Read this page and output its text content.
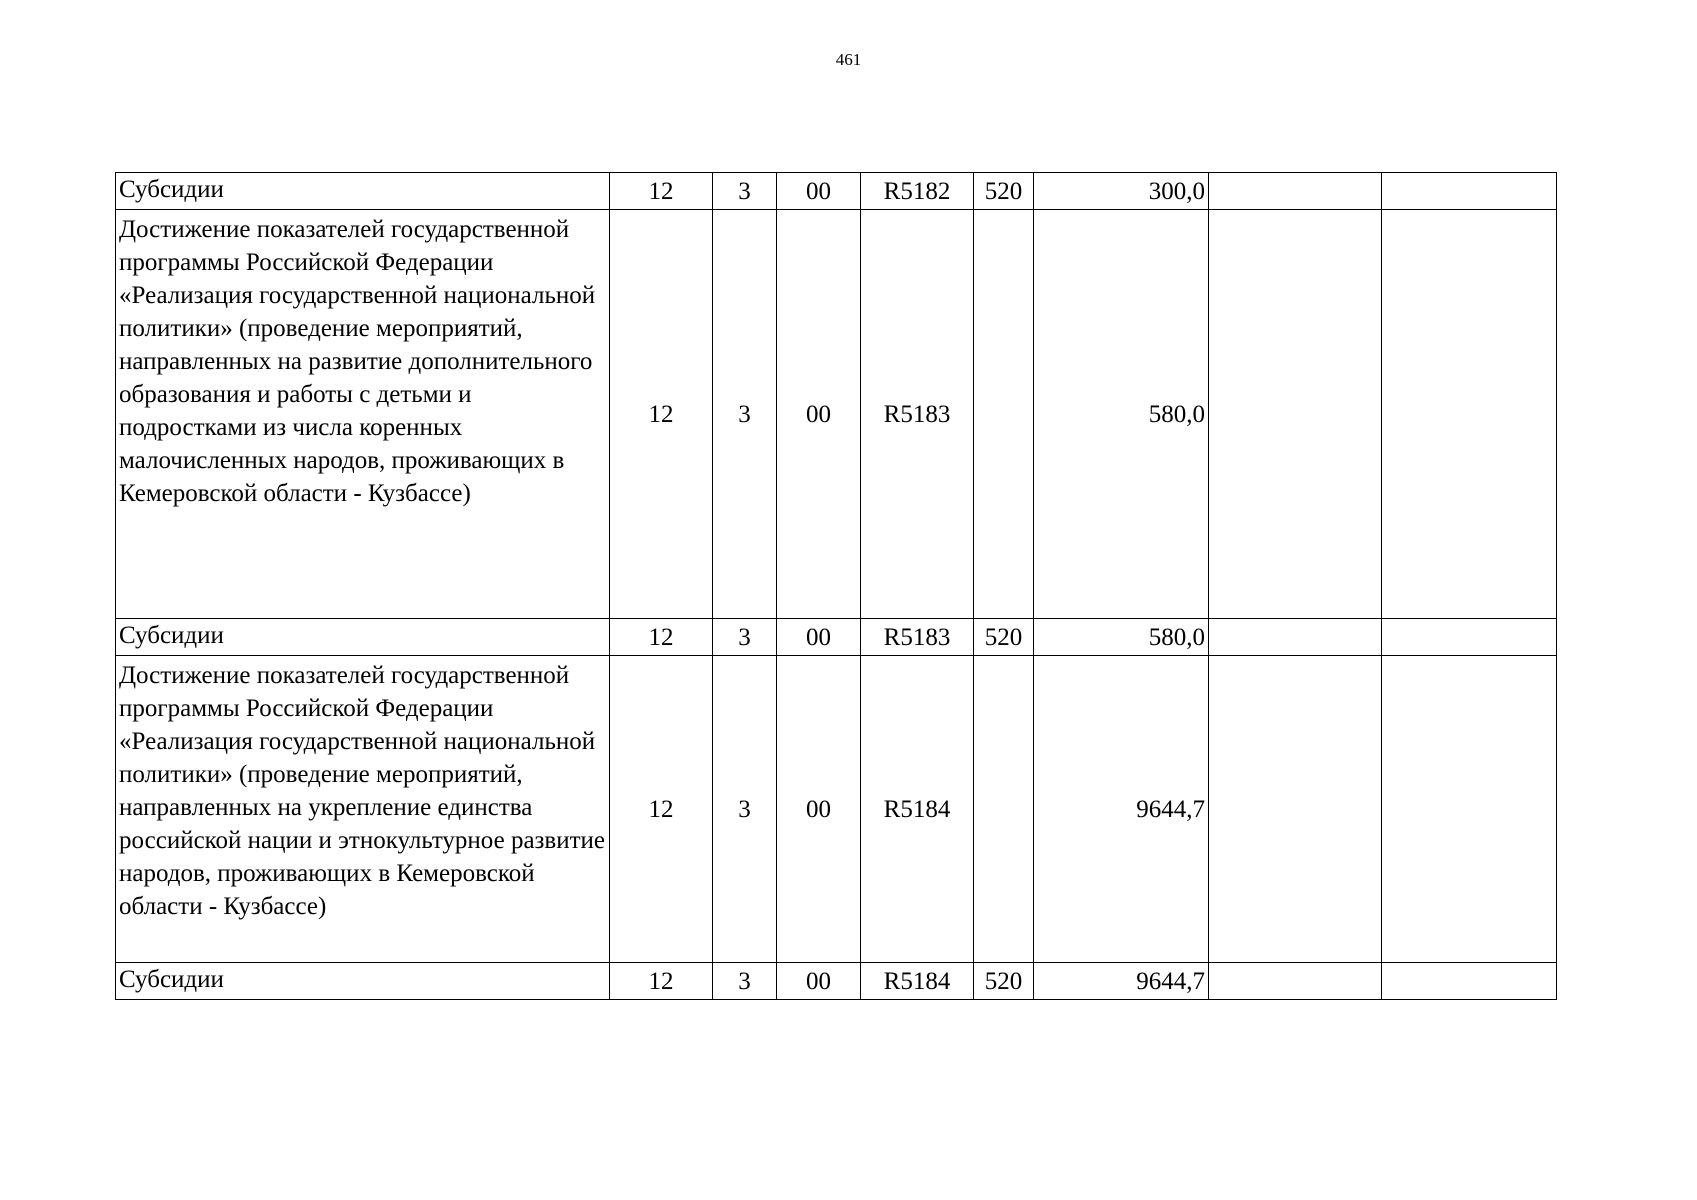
461
Субсидии	12	3	00	R5182	520	300,0		
Достижение показателей государственной программы Российской Федерации «Реализация государственной национальной политики» (проведение мероприятий, направленных на развитие дополнительного образования и работы с детьми и подростками из числа коренных малочисленных народов, проживающих в Кемеровской области - Кузбассе)	12	3	00	R5183		580,0		
Субсидии	12	3	00	R5183	520	580,0		
Достижение показателей государственной программы Российской Федерации «Реализация государственной национальной политики» (проведение мероприятий, направленных на укрепление единства российской нации и этнокультурное развитие народов, проживающих в Кемеровской области - Кузбассе)	12	3	00	R5184		9644,7		
Субсидии	12	3	00	R5184	520	9644,7		
